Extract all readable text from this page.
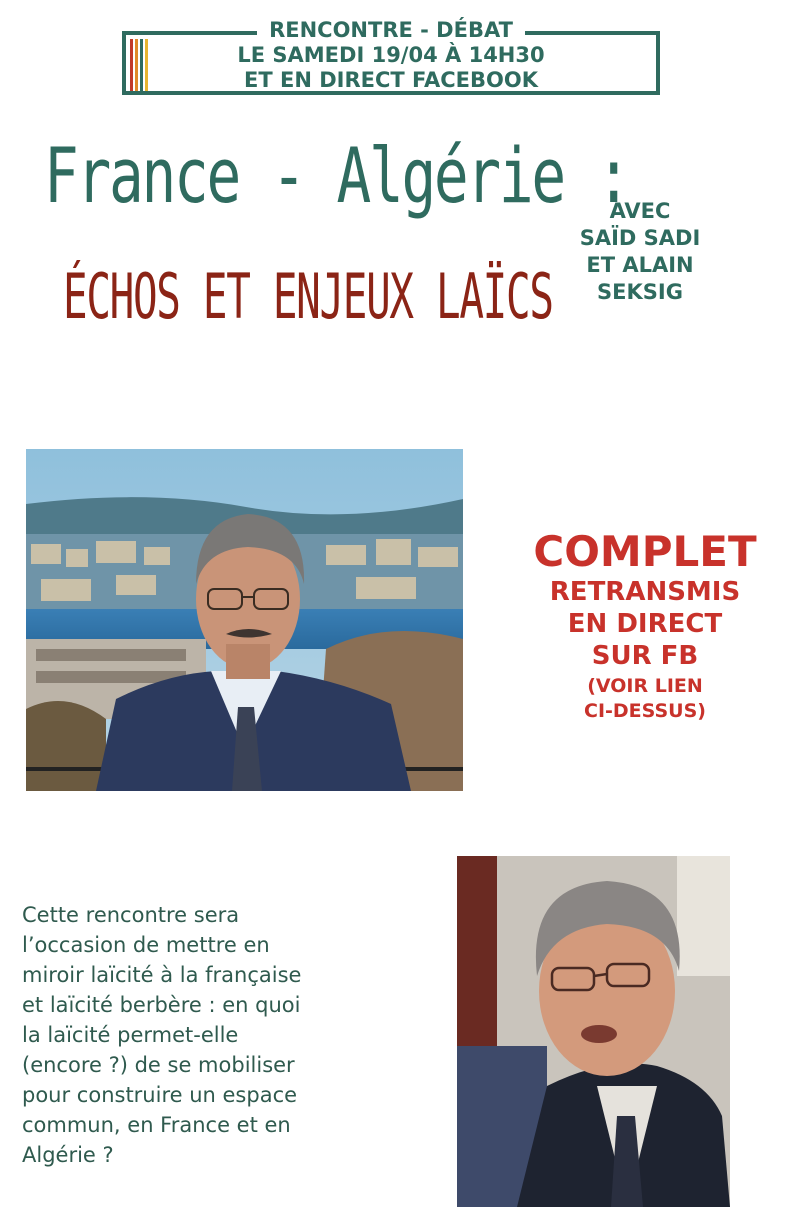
RENCONTRE - DÉBAT
LE SAMEDI 19/04 À 14H30
ET EN DIRECT FACEBOOK
France - Algérie :
ÉCHOS ET ENJEUX LAÏCS
AVEC
SAÏD SADI
ET ALAIN
SEKSIG
COMPLET
RETRANSMIS
EN DIRECT
SUR FB
(VOIR LIEN
CI-DESSUS)
Cette rencontre sera
l’occasion de mettre en
miroir laïcité à la française
et laïcité berbère : en quoi
la laïcité permet-elle
(encore ?) de se mobiliser
pour construire un espace
commun, en France et en
Algérie ?
